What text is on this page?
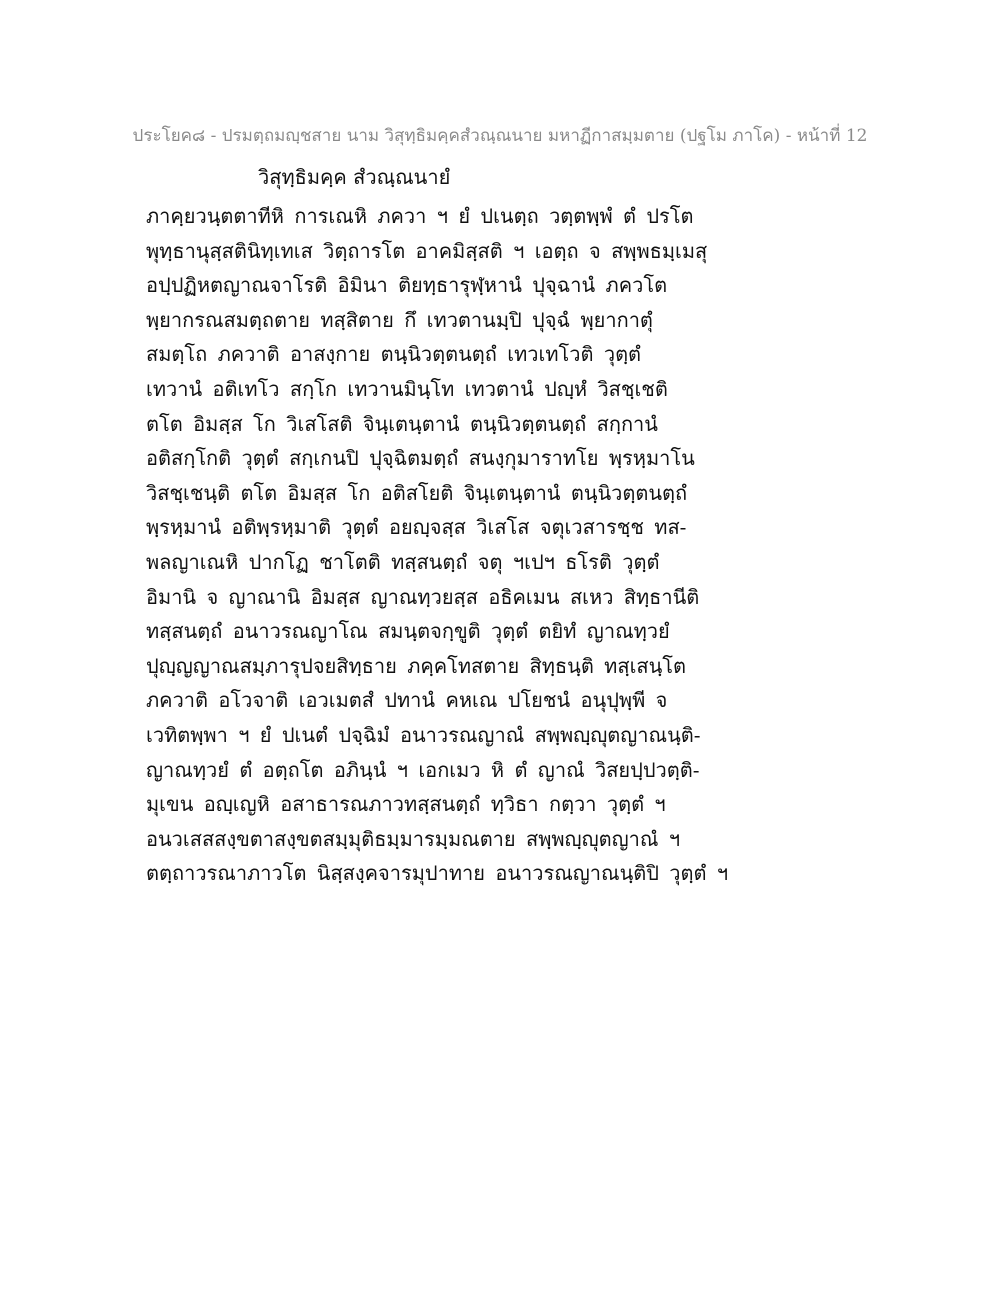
ประโยค๘ - ปรมตฺถมญฺชสาย นาม วิสุทฺธิมคฺคสํวณฺณนาย มหาฏีกาสมฺมตาย (ปฐโม ภาโค) - หน้าที่ 12
วิสุทฺธิมคฺค สํวณฺณนายํ
ภาคฺยวนฺตตาทีหิ การเณหิ ภควา ฯ ยํ ปเนตฺถ วตฺตพฺพํ ตํ ปรโต
พุทฺธานุสฺสตินิทฺเทเส วิตฺถารโต อาคมิสฺสติ ฯ เอตฺถ จ สพฺพธมฺเมสุ
อปฺปฏิหตญาณจาโรติ อิมินา ติยทฺธารุฬฺหานํ ปุจฺฉานํ ภควโต
พฺยากรณสมตฺถตาย ทสฺสิตาย กึ เทวตานมฺปิ ปุจฺฉํ พฺยากาตุํ
สมตฺโถ ภควาติ อาสงฺกาย ตนฺนิวตฺตนตฺถํ เทวเทโวติ วุตฺตํ
เทวานํ อติเทโว สกฺโก เทวานมินฺโท เทวตานํ ปญฺหํ วิสชฺเชติ
ตโต อิมสฺส โก วิเสโสติ จินฺเตนฺตานํ ตนฺนิวตฺตนตฺถํ สกฺกานํ
อติสกฺโกติ วุตฺตํ สกฺเกนปิ ปุจฺฉิตมตฺถํ สนงฺกุมาราทโย พฺรหฺมาโน
วิสชฺเชนฺติ ตโต อิมสฺส โก อติสโยติ จินฺเตนฺตานํ ตนฺนิวตฺตนตฺถํ
พฺรหฺมานํ อติพฺรหฺมาติ วุตฺตํ อยญฺจสฺส วิเสโส จตุเวสารชฺช ทส-
พลญาเณหิ ปากโฏ ชาโตติ ทสฺสนตฺถํ จตุ ฯเปฯ ธโรติ วุตฺตํ
อิมานิ จ ญาณานิ อิมสฺส ญาณทฺวยสฺส อธิคเมน สเหว สิทฺธานีติ
ทสฺสนตฺถํ อนาวรณญาโณ สมนฺตจกฺขูติ วุตฺตํ ตยิทํ ญาณทฺวยํ
ปุญฺญญาณสมฺภารุปจยสิทฺธาย ภคฺคโทสตาย สิทฺธนฺติ ทสฺเสนฺโต
ภควาติ อโวจาติ เอวเมตสํ ปทานํ คหเณ ปโยชนํ อนุปุพฺพี จ
เวทิตพฺพา ฯ ยํ ปเนตํ ปจฺฉิมํ อนาวรณญาณํ สพฺพญฺญุตญาณนฺติ-
ญาณทฺวยํ ตํ อตฺถโต อภินฺนํ ฯ เอกเมว หิ ตํ ญาณํ วิสยปฺปวตฺติ-
มุเขน อญฺเญหิ อสาธารณภาวทสฺสนตฺถํ ทฺวิธา กตฺวา วุตฺตํ ฯ
อนวเสสสงฺขตาสงฺขตสมฺมุติธมฺมารมฺมณตาย สพฺพญฺญุตญาณํ ฯ
ตตฺถาวรณาภาวโต นิสฺสงฺคจารมุปาทาย อนาวรณญาณนฺติปิ วุตฺตํ ฯ
